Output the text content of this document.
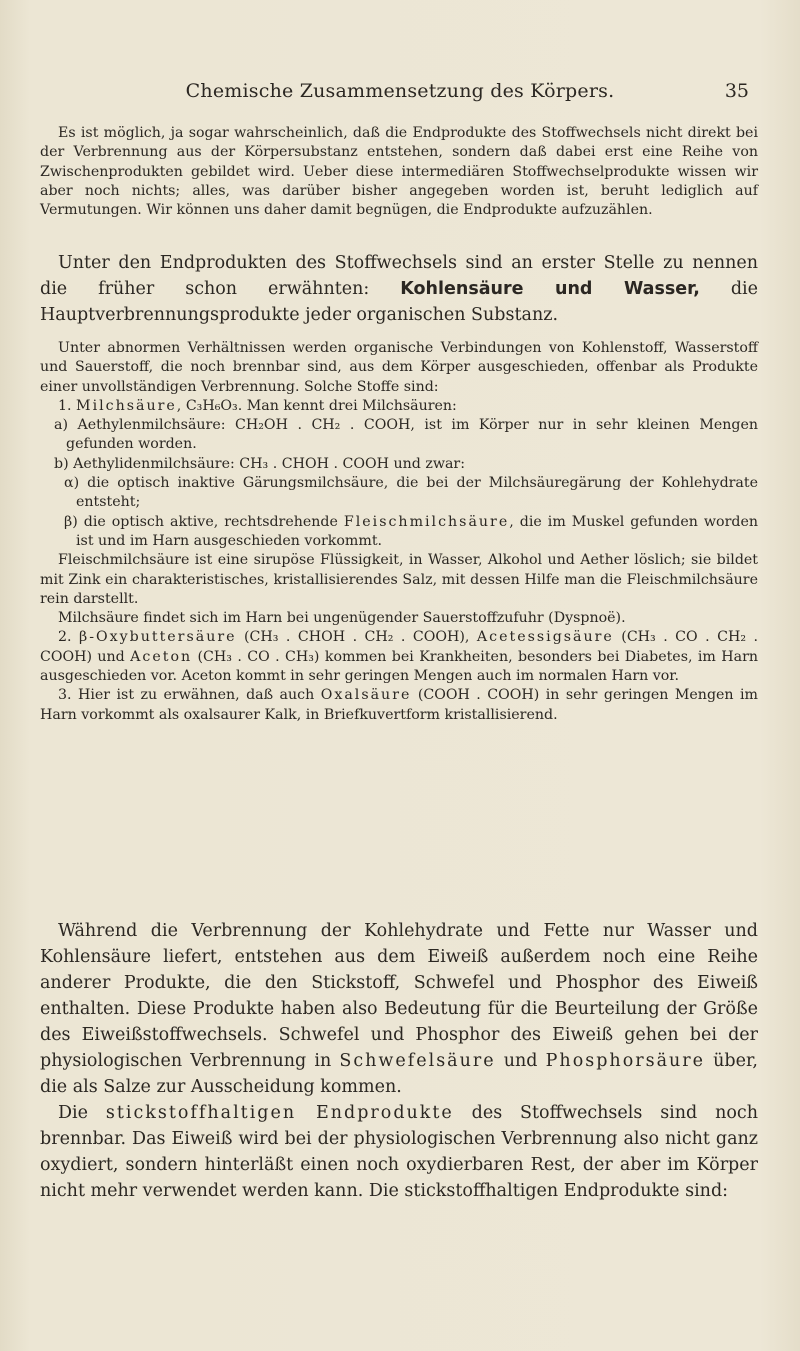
Chemische Zusammensetzung des Körpers.	35

Es ist möglich, ja sogar wahrscheinlich, daß die Endprodukte des Stoffwechsels nicht direkt bei der Verbrennung aus der Körpersubstanz entstehen, sondern daß dabei erst eine Reihe von Zwischenprodukten gebildet wird. Ueber diese intermediären Stoffwechselprodukte wissen wir aber noch nichts; alles, was darüber bisher angegeben worden ist, beruht lediglich auf Vermutungen. Wir können uns daher damit begnügen, die Endprodukte aufzuzählen.

Unter den Endprodukten des Stoffwechsels sind an erster Stelle zu nennen die früher schon erwähnten: Kohlensäure und Wasser, die Hauptverbrennungsprodukte jeder organischen Substanz.

Unter abnormen Verhältnissen werden organische Verbindungen von Kohlenstoff, Wasserstoff und Sauerstoff, die noch brennbar sind, aus dem Körper ausgeschieden, offenbar als Produkte einer unvollständigen Verbrennung. Solche Stoffe sind:

1. Milchsäure, C₃H₆O₃. Man kennt drei Milchsäuren:

a) Aethylenmilchsäure: CH₂OH . CH₂ . COOH, ist im Körper nur in sehr kleinen Mengen gefunden worden.

b) Aethylidenmilchsäure: CH₃ . CHOH . COOH und zwar:

α) die optisch inaktive Gärungsmilchsäure, die bei der Milchsäuregärung der Kohlehydrate entsteht;

β) die optisch aktive, rechtsdrehende Fleischmilchsäure, die im Muskel gefunden worden ist und im Harn ausgeschieden vorkommt.

Fleischmilchsäure ist eine sirupöse Flüssigkeit, in Wasser, Alkohol und Aether löslich; sie bildet mit Zink ein charakteristisches, kristallisierendes Salz, mit dessen Hilfe man die Fleischmilchsäure rein darstellt.

Milchsäure findet sich im Harn bei ungenügender Sauerstoffzufuhr (Dyspnoë).

2. β-Oxybuttersäure (CH₃ . CHOH . CH₂ . COOH), Acetessigsäure (CH₃ . CO . CH₂ . COOH) und Aceton (CH₃ . CO . CH₃) kommen bei Krankheiten, besonders bei Diabetes, im Harn ausgeschieden vor. Aceton kommt in sehr geringen Mengen auch im normalen Harn vor.

3. Hier ist zu erwähnen, daß auch Oxalsäure (COOH . COOH) in sehr geringen Mengen im Harn vorkommt als oxalsaurer Kalk, in Briefkuvertform kristallisierend.

Während die Verbrennung der Kohlehydrate und Fette nur Wasser und Kohlensäure liefert, entstehen aus dem Eiweiß außerdem noch eine Reihe anderer Produkte, die den Stickstoff, Schwefel und Phosphor des Eiweiß enthalten. Diese Produkte haben also Bedeutung für die Beurteilung der Größe des Eiweißstoffwechsels. Schwefel und Phosphor des Eiweiß gehen bei der physiologischen Verbrennung in Schwefelsäure und Phosphorsäure über, die als Salze zur Ausscheidung kommen.

Die stickstoffhaltigen Endprodukte des Stoffwechsels sind noch brennbar. Das Eiweiß wird bei der physiologischen Verbrennung also nicht ganz oxydiert, sondern hinterläßt einen noch oxydierbaren Rest, der aber im Körper nicht mehr verwendet werden kann. Die stickstoffhaltigen Endprodukte sind:
